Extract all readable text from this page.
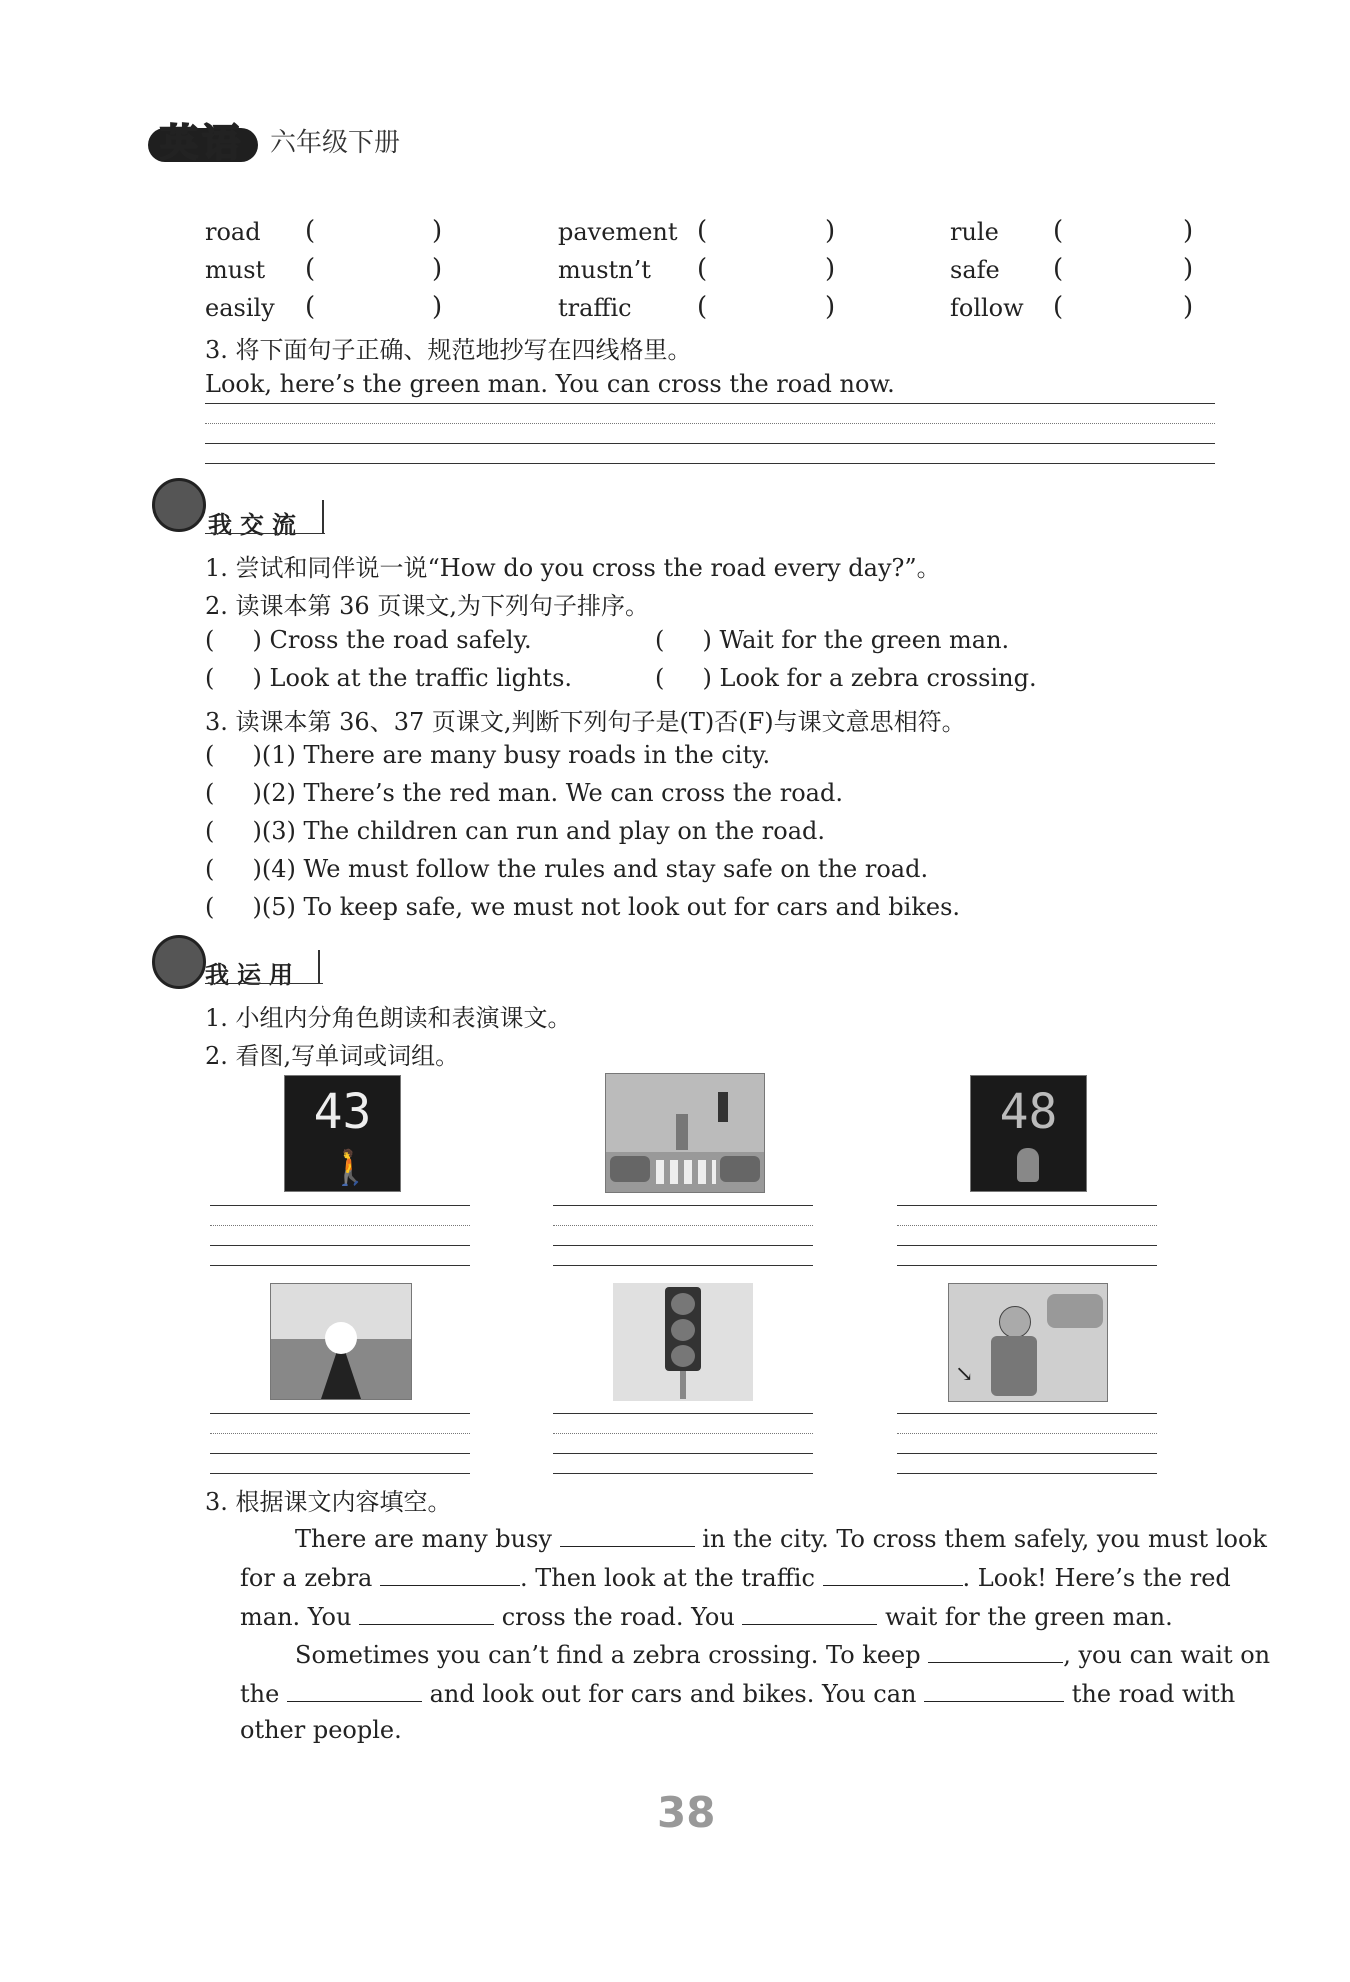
英语 六年级下册
road (	)	pavement (	)	rule (	)
must (	)	mustn’t (	)	safe (	)
easily (	)	traffic	(	)	follow (	)
3. 将下面句子正确、规范地抄写在四线格里。
Look, here’s the green man. You can cross the road now.
我交流
1. 尝试和同伴说一说“How do you cross the road every day?”。
2. 读课本第 36 页课文,为下列句子排序。
(     ) Cross the road safely.	(     ) Wait for the green man.
(     ) Look at the traffic lights.	(     ) Look for a zebra crossing.
3. 读课本第 36、37 页课文,判断下列句子是(T)否(F)与课文意思相符。
(     )(1) There are many busy roads in the city.
(     )(2) There’s the red man. We can cross the road.
(     )(3) The children can run and play on the road.
(     )(4) We must follow the rules and stay safe on the road.
(     )(5) To keep safe, we must not look out for cars and bikes.
我运用
1. 小组内分角色朗读和表演课文。
2. 看图,写单词或词组。
43
🚶
48
↘
3. 根据课文内容填空。
There are many busy	in the city. To cross them safely, you must look
for a zebra	. Then look at the traffic	. Look! Here’s the red
man. You	cross the road. You	wait for the green man.
Sometimes you can’t find a zebra crossing. To keep	, you can wait on
the	and look out for cars and bikes. You can	the road with
other people.
38
